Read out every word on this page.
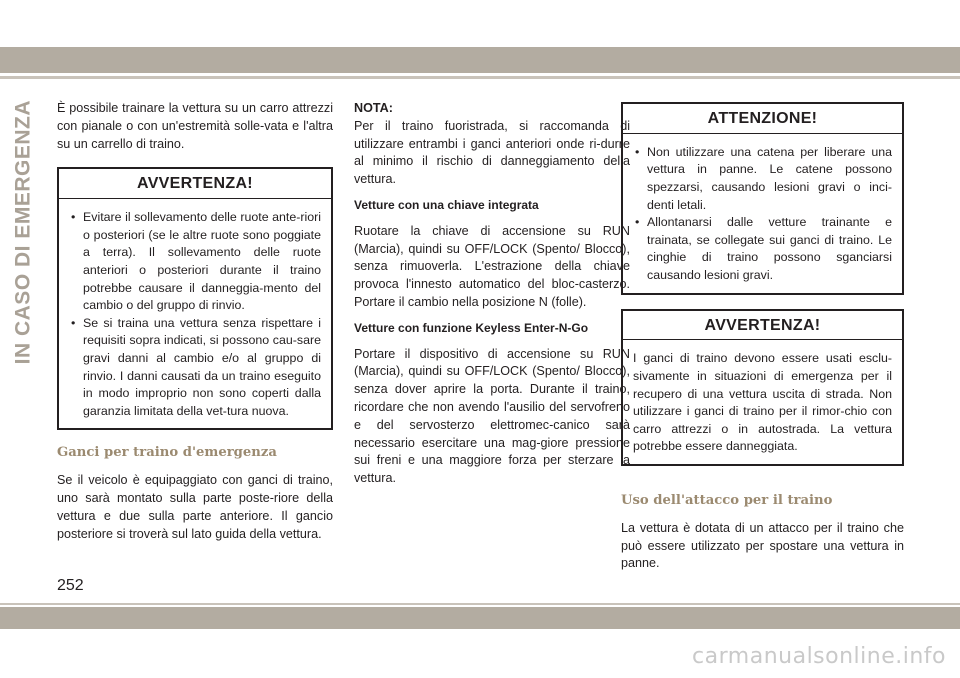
IN CASO DI EMERGENZA È possibile trainare la vettura su un carro attrezzi con pianale o con un'estremità solle-vata e l'altra su un carrello di traino.

AVVERTENZA!
• Evitare il sollevamento delle ruote ante-riori o posteriori (se le altre ruote sono poggiate a terra). Il sollevamento delle ruote anteriori o posteriori durante il traino potrebbe causare il danneggia-mento del cambio o del gruppo di rinvio.
• Se si traina una vettura senza rispettare i requisiti sopra indicati, si possono cau-sare gravi danni al cambio e/o al gruppo di rinvio. I danni causati da un traino eseguito in modo improprio non sono coperti dalla garanzia limitata della vet-tura nuova.
Ganci per traino d'emergenza

Se il veicolo è equipaggiato con ganci di traino, uno sarà montato sulla parte poste-riore della vettura e due sulla parte anteriore. Il gancio posteriore si troverà sul lato guida della vettura.

NOTA:

Per il traino fuoristrada, si raccomanda di utilizzare entrambi i ganci anteriori onde ri-durre al minimo il rischio di danneggiamento della vettura.

Vetture con una chiave integrata

Ruotare la chiave di accensione su RUN (Marcia), quindi su OFF/LOCK (Spento/ Blocco), senza rimuoverla. L'estrazione della chiave provoca l'innesto automatico del bloc-casterzo. Portare il cambio nella posizione N (folle).

Vetture con funzione Keyless Enter-N-Go

Portare il dispositivo di accensione su RUN (Marcia), quindi su OFF/LOCK (Spento/ Blocco), senza dover aprire la porta. Durante il traino, ricordare che non avendo l'ausilio del servofreno e del servosterzo elettromec-canico sarà necessario esercitare una mag-giore pressione sui freni e una maggiore forza per sterzare la vettura.

ATTENZIONE!
• Non utilizzare una catena per liberare una vettura in panne. Le catene possono spezzarsi, causando lesioni gravi o inci-denti letali.
• Allontanarsi dalle vetture trainante e trainata, se collegate sui ganci di traino. Le cinghie di traino possono sganciarsi causando lesioni gravi.
AVVERTENZA!

I ganci di traino devono essere usati esclu-sivamente in situazioni di emergenza per il recupero di una vettura uscita di strada. Non utilizzare i ganci di traino per il rimor-chio con carro attrezzi o in autostrada. La vettura potrebbe essere danneggiata.

Uso dell'attacco per il traino

La vettura è dotata di un attacco per il traino che può essere utilizzato per spostare una vettura in panne.

252
carmanualsonline.info
